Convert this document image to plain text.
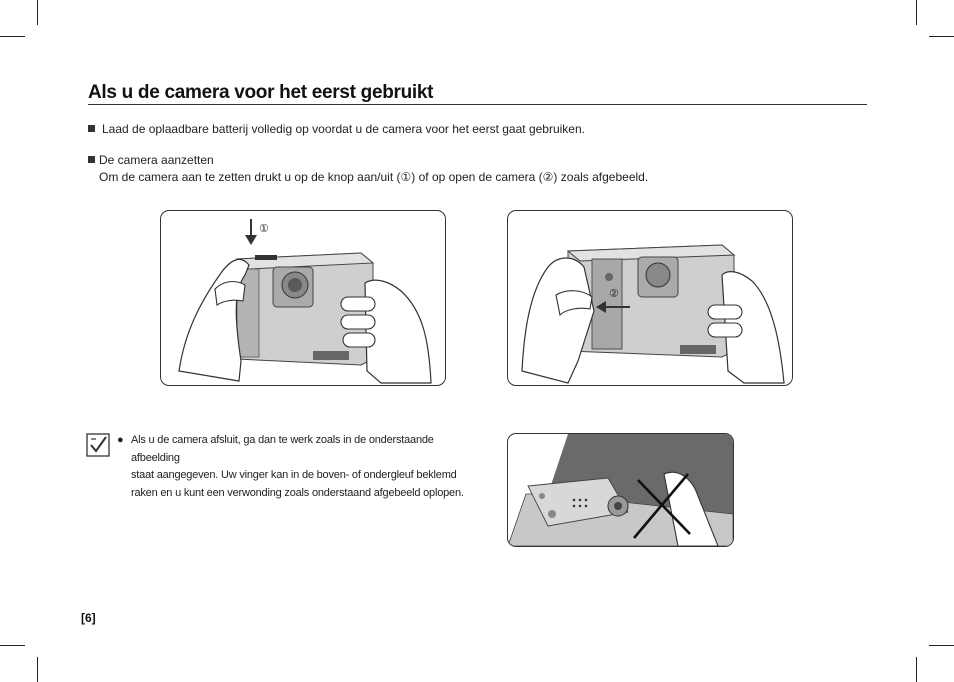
Als u de camera voor het eerst gebruikt
Laad de oplaadbare batterij volledig op voordat u de camera voor het eerst gaat gebruiken.
De camera aanzetten
Om de camera aan te zetten drukt u op de knop aan/uit (①) of op open de camera (②) zoals afgebeeld.
①
②
● Als u de camera afsluit, ga dan te werk zoals in de onderstaande afbeelding
staat aangegeven. Uw vinger kan in de boven- of ondergleuf beklemd
raken en u kunt een verwonding zoals onderstaand afgebeeld oplopen.
[6]
